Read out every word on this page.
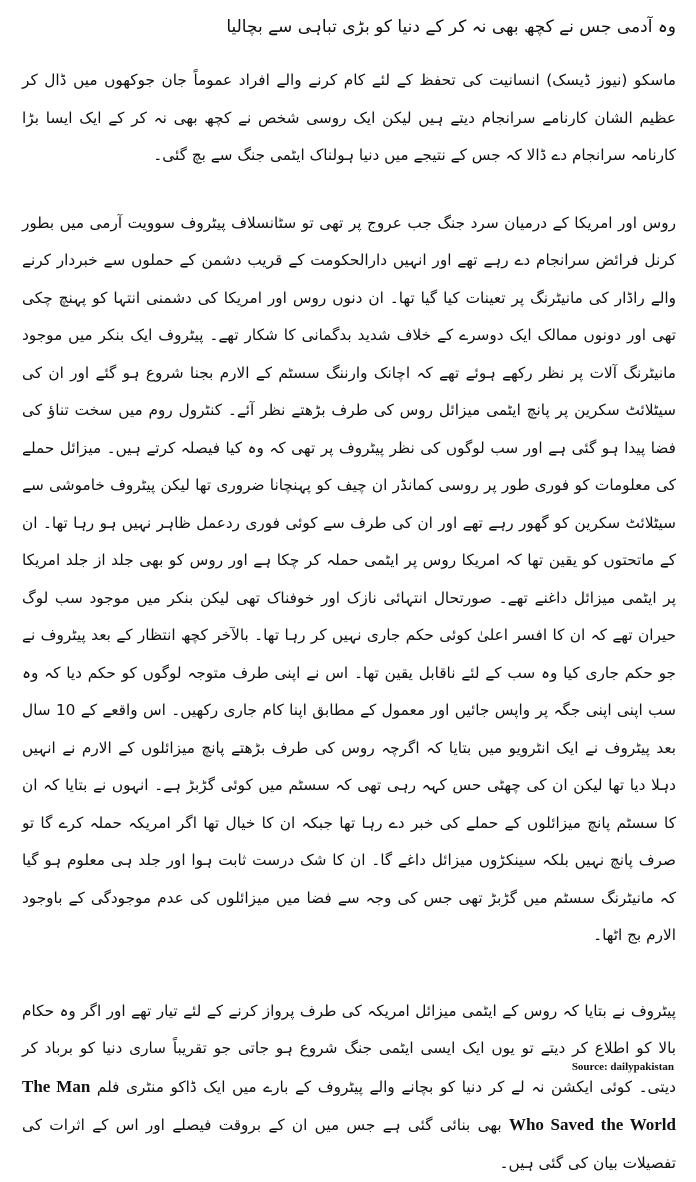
وہ آدمی جس نے کچھ بھی نہ کر کے دنیا کو بڑی تباہی سے بچالیا

ماسکو (نیوز ڈیسک) انسانیت کی تحفظ کے لئے کام کرنے والے افراد عموماً جان جوکھوں میں ڈال کر عظیم الشان کارنامے سرانجام دیتے ہیں لیکن ایک روسی شخص نے کچھ بھی نہ کر کے ایک ایسا بڑا کارنامہ سرانجام دے ڈالا کہ جس کے نتیجے میں دنیا ہولناک ایٹمی جنگ سے بچ گئی۔

روس اور امریکا کے درمیان سرد جنگ جب عروج پر تھی تو سٹانسلاف پیٹروف سوویت آرمی میں بطور کرنل فرائض سرانجام دے رہے تھے اور انہیں دارالحکومت کے قریب دشمن کے حملوں سے خبردار کرنے والے راڈار کی مانیٹرنگ پر تعینات کیا گیا تھا۔ ان دنوں روس اور امریکا کی دشمنی انتہا کو پہنچ چکی تھی اور دونوں ممالک ایک دوسرے کے خلاف شدید بدگمانی کا شکار تھے۔ پیٹروف ایک بنکر میں موجود مانیٹرنگ آلات پر نظر رکھے ہوئے تھے کہ اچانک وارننگ سسٹم کے الارم بجنا شروع ہو گئے اور ان کی سیٹلائٹ سکرین پر پانچ ایٹمی میزائل روس کی طرف بڑھتے نظر آئے۔ کنٹرول روم میں سخت تناؤ کی فضا پیدا ہو گئی ہے اور سب لوگوں کی نظر پیٹروف پر تھی کہ وہ کیا فیصلہ کرتے ہیں۔ میزائل حملے کی معلومات کو فوری طور پر روسی کمانڈر ان چیف کو پہنچانا ضروری تھا لیکن پیٹروف خاموشی سے سیٹلائٹ سکرین کو گھور رہے تھے اور ان کی طرف سے کوئی فوری ردعمل ظاہر نہیں ہو رہا تھا۔ ان کے ماتحتوں کو یقین تھا کہ امریکا روس پر ایٹمی حملہ کر چکا ہے اور روس کو بھی جلد از جلد امریکا پر ایٹمی میزائل داغنے تھے۔ صورتحال انتہائی نازک اور خوفناک تھی لیکن بنکر میں موجود سب لوگ حیران تھے کہ ان کا افسر اعلیٰ کوئی حکم جاری نہیں کر رہا تھا۔ بالآخر کچھ انتظار کے بعد پیٹروف نے جو حکم جاری کیا وہ سب کے لئے ناقابل یقین تھا۔ اس نے اپنی طرف متوجہ لوگوں کو حکم دیا کہ وہ سب اپنی اپنی جگہ پر واپس جائیں اور معمول کے مطابق اپنا کام جاری رکھیں۔ اس واقعے کے 10 سال بعد پیٹروف نے ایک انٹرویو میں بتایا کہ اگرچہ روس کی طرف بڑھتے پانچ میزائلوں کے الارم نے انہیں دہلا دیا تھا لیکن ان کی چھٹی حس کہہ رہی تھی کہ سسٹم میں کوئی گڑبڑ ہے۔ انہوں نے بتایا کہ ان کا سسٹم پانچ میزائلوں کے حملے کی خبر دے رہا تھا جبکہ ان کا خیال تھا اگر امریکہ حملہ کرے گا تو صرف پانچ نہیں بلکہ سینکڑوں میزائل داغے گا۔ ان کا شک درست ثابت ہوا اور جلد ہی معلوم ہو گیا کہ مانیٹرنگ سسٹم میں گڑبڑ تھی جس کی وجہ سے فضا میں میزائلوں کی عدم موجودگی کے باوجود الارم بج اٹھا۔

پیٹروف نے بتایا کہ روس کے ایٹمی میزائل امریکہ کی طرف پرواز کرنے کے لئے تیار تھے اور اگر وہ حکام بالا کو اطلاع کر دیتے تو یوں ایک ایسی ایٹمی جنگ شروع ہو جاتی جو تقریباً ساری دنیا کو برباد کر دیتی۔ کوئی ایکشن نہ لے کر دنیا کو بچانے والے پیٹروف کے بارے میں ایک ڈاکو منٹری فلم The Man Who Saved the World بھی بنائی گئی ہے جس میں ان کے بروقت فیصلے اور اس کے اثرات کی تفصیلات بیان کی گئی ہیں۔

Source: dailypakistan
